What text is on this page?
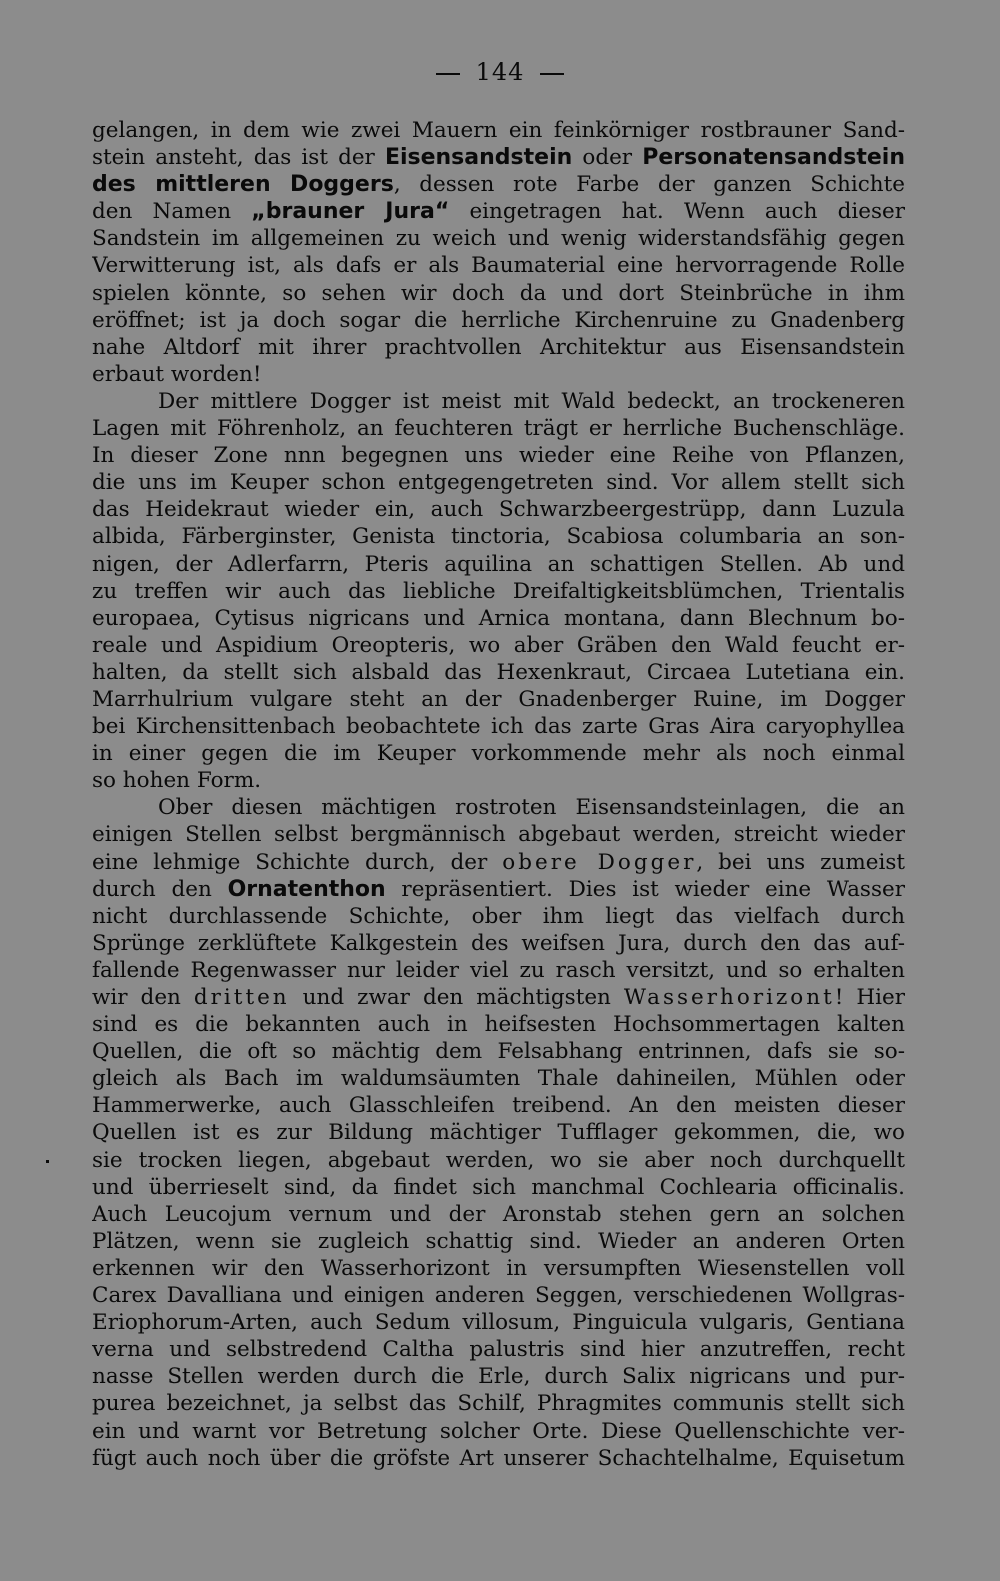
144
gelangen, in dem wie zwei Mauern ein feinkörniger rostbrauner Sand-
stein ansteht, das ist der Eisensandstein oder Personatensandstein
des mittleren Doggers, dessen rote Farbe der ganzen Schichte
den Namen „brauner Jura“ eingetragen hat. Wenn auch dieser
Sandstein im allgemeinen zu weich und wenig widerstandsfähig gegen
Verwitterung ist, als dafs er als Baumaterial eine hervorragende Rolle
spielen könnte, so sehen wir doch da und dort Steinbrüche in ihm
eröffnet; ist ja doch sogar die herrliche Kirchenruine zu Gnadenberg
nahe Altdorf mit ihrer prachtvollen Architektur aus Eisensandstein
erbaut worden!
Der mittlere Dogger ist meist mit Wald bedeckt, an trockeneren
Lagen mit Föhrenholz, an feuchteren trägt er herrliche Buchenschläge.
In dieser Zone nnn begegnen uns wieder eine Reihe von Pflanzen,
die uns im Keuper schon entgegengetreten sind. Vor allem stellt sich
das Heidekraut wieder ein, auch Schwarzbeergestrüpp, dann Luzula
albida, Färberginster, Genista tinctoria, Scabiosa columbaria an son-
nigen, der Adlerfarrn, Pteris aquilina an schattigen Stellen. Ab und
zu treffen wir auch das liebliche Dreifaltigkeitsblümchen, Trientalis
europaea, Cytisus nigricans und Arnica montana, dann Blechnum bo-
reale und Aspidium Oreopteris, wo aber Gräben den Wald feucht er-
halten, da stellt sich alsbald das Hexenkraut, Circaea Lutetiana ein.
Marrhulrium vulgare steht an der Gnadenberger Ruine, im Dogger
bei Kirchensittenbach beobachtete ich das zarte Gras Aira caryophyllea
in einer gegen die im Keuper vorkommende mehr als noch einmal
so hohen Form.
Ober diesen mächtigen rostroten Eisensandsteinlagen, die an
einigen Stellen selbst bergmännisch abgebaut werden, streicht wieder
eine lehmige Schichte durch, der obere Dogger, bei uns zumeist
durch den Ornatenthon repräsentiert. Dies ist wieder eine Wasser
nicht durchlassende Schichte, ober ihm liegt das vielfach durch
Sprünge zerklüftete Kalkgestein des weifsen Jura, durch den das auf-
fallende Regenwasser nur leider viel zu rasch versitzt, und so erhalten
wir den dritten und zwar den mächtigsten Wasserhorizont! Hier
sind es die bekannten auch in heifsesten Hochsommertagen kalten
Quellen, die oft so mächtig dem Felsabhang entrinnen, dafs sie so-
gleich als Bach im waldumsäumten Thale dahineilen, Mühlen oder
Hammerwerke, auch Glasschleifen treibend. An den meisten dieser
Quellen ist es zur Bildung mächtiger Tufflager gekommen, die, wo
sie trocken liegen, abgebaut werden, wo sie aber noch durchquellt
und überrieselt sind, da findet sich manchmal Cochlearia officinalis.
Auch Leucojum vernum und der Aronstab stehen gern an solchen
Plätzen, wenn sie zugleich schattig sind. Wieder an anderen Orten
erkennen wir den Wasserhorizont in versumpften Wiesenstellen voll
Carex Davalliana und einigen anderen Seggen, verschiedenen Wollgras-
Eriophorum-Arten, auch Sedum villosum, Pinguicula vulgaris, Gentiana
verna und selbstredend Caltha palustris sind hier anzutreffen, recht
nasse Stellen werden durch die Erle, durch Salix nigricans und pur-
purea bezeichnet, ja selbst das Schilf, Phragmites communis stellt sich
ein und warnt vor Betretung solcher Orte. Diese Quellenschichte ver-
fügt auch noch über die gröfste Art unserer Schachtelhalme, Equisetum
